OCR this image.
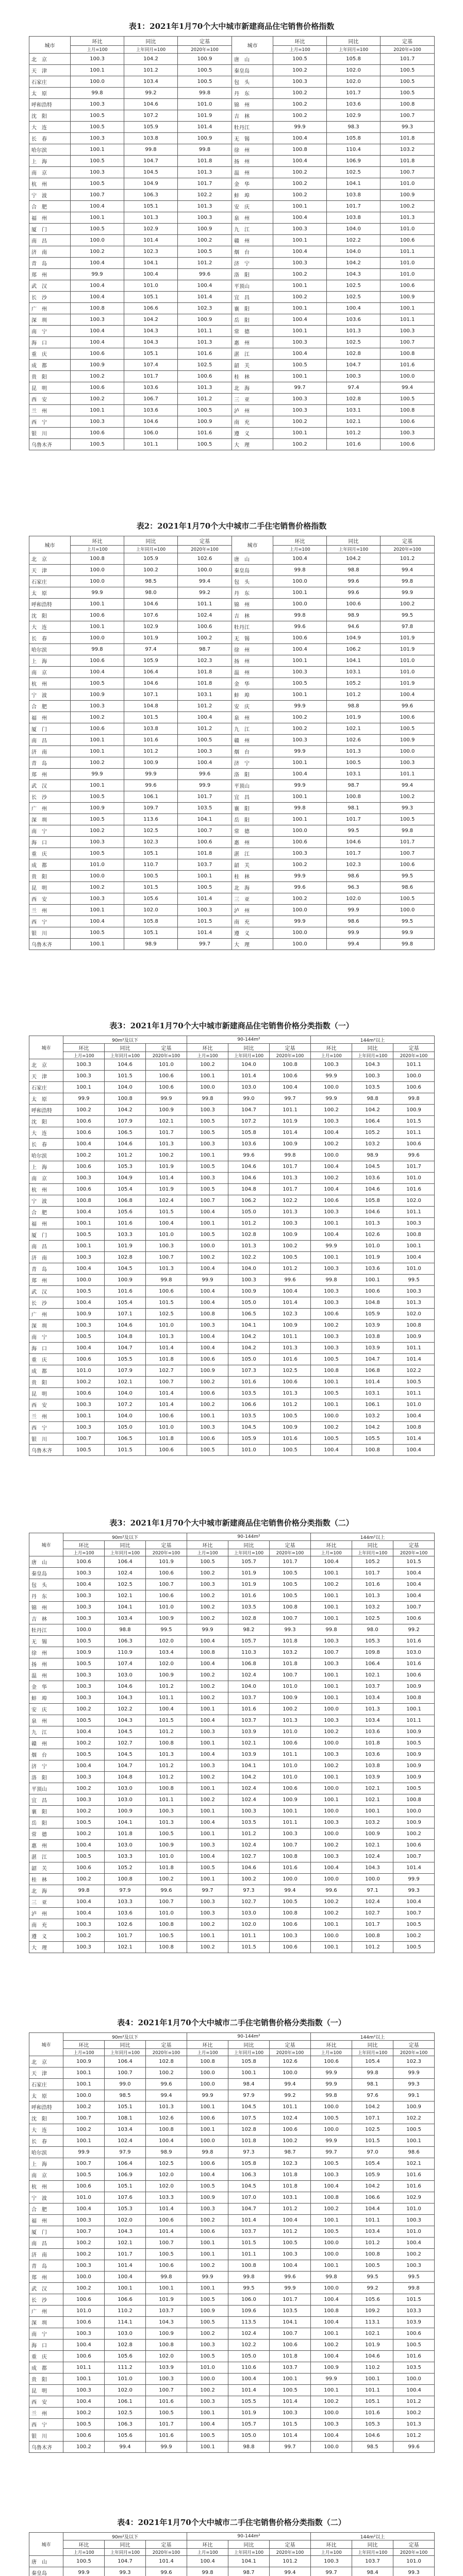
表1：2021年1月70个大中城市新建商品住宅销售价格指数
城市	环比	同比	定基	城市	环比	同比	定基
	上月=100	上年同月=100	2020年=100		上月=100	上年同月=100	2020年=100
北　京	100.3	104.2	100.9	唐　山	100.5	105.8	101.7
天　津	100.1	101.2	100.5	秦皇岛	100.2	102.0	100.5
石家庄	100.0	103.4	100.5	包　头	100.3	102.0	100.5
太　原	99.8	99.2	99.8	丹　东	100.2	101.7	100.5
呼和浩特	100.3	104.6	101.0	锦　州	100.2	103.6	100.8
沈　阳	100.5	107.2	101.9	吉　林	100.2	102.9	100.7
大　连	100.5	105.9	101.4	牡丹江	99.9	98.3	99.3
长　春	100.3	103.8	100.9	无　锡	100.4	105.8	101.8
哈尔滨	100.1	99.8	99.8	徐　州	100.8	110.4	103.2
上　海	100.5	104.7	101.8	扬　州	100.4	106.9	101.8
南　京	100.3	104.5	101.3	温　州	100.2	102.5	100.7
杭　州	100.5	104.9	101.7	金　华	100.2	104.1	101.0
宁　波	100.7	106.3	102.2	蚌　埠	100.2	103.8	100.9
合　肥	100.4	105.1	101.3	安　庆	100.1	101.7	100.2
福　州	100.1	101.3	100.3	泉　州	100.4	103.8	101.3
厦　门	100.5	102.9	100.9	九　江	100.3	104.0	101.0
南　昌	100.0	101.4	100.2	赣　州	100.1	102.2	100.6
济　南	100.2	102.3	100.5	烟　台	100.4	104.0	101.1
青　岛	100.4	104.1	101.2	济　宁	100.3	104.2	101.0
郑　州	99.9	100.4	99.6	洛　阳	100.2	104.3	101.0
武　汉	100.4	101.0	100.4	平顶山	100.1	102.5	100.6
长　沙	100.4	105.1	101.4	宜　昌	100.2	102.5	100.9
广　州	100.8	106.6	102.3	襄　阳	100.1	100.4	100.1
深　圳	100.3	104.2	100.9	岳　阳	100.4	103.6	101.1
南　宁	100.4	104.3	101.1	常　德	100.1	101.3	100.3
海　口	100.4	104.3	101.3	惠　州	100.3	102.5	100.7
重　庆	100.6	105.1	101.6	湛　江	100.4	102.8	100.8
成　都	100.9	107.4	102.5	韶　关	100.5	104.7	101.6
贵　阳	100.2	101.7	100.6	桂　林	100.1	100.3	100.0
昆　明	100.6	103.6	101.3	北　海	99.7	97.4	99.4
西　安	100.2	106.7	101.2	三　亚	100.3	102.8	100.5
兰　州	100.1	103.6	100.5	泸　州	100.3	103.1	100.8
西　宁	100.3	104.6	100.9	南　充	100.2	102.1	100.6
银　川	100.6	106.0	101.6	遵　义	100.1	101.2	100.3
乌鲁木齐	100.5	101.1	100.5	大　理	100.2	101.6	100.6
表2：2021年1月70个大中城市二手住宅销售价格指数
城市	环比	同比	定基	城市	环比	同比	定基
	上月=100	上年同月=100	2020年=100		上月=100	上年同月=100	2020年=100
北　京	100.8	105.9	102.6	唐　山	100.4	104.2	101.2
天　津	100.0	100.2	100.0	秦皇岛	99.8	98.8	99.4
石家庄	100.0	98.5	99.4	包　头	100.0	99.6	99.8
太　原	99.9	98.0	99.2	丹　东	100.1	99.6	99.9
呼和浩特	100.1	104.6	101.1	锦　州	100.0	100.6	100.2
沈　阳	100.6	107.6	102.4	吉　林	99.8	98.9	99.5
大　连	100.1	102.9	100.6	牡丹江	99.6	94.6	97.8
长　春	100.0	101.9	100.2	无　锡	100.6	104.9	101.9
哈尔滨	99.8	97.4	98.7	徐　州	100.4	106.2	101.9
上　海	100.6	105.9	102.3	扬　州	100.1	104.1	101.0
南　京	100.4	106.4	101.8	温　州	100.3	103.1	101.0
杭　州	100.5	104.6	101.8	金　华	100.5	105.2	101.9
宁　波	100.9	107.1	103.1	蚌　埠	100.1	101.2	100.4
合　肥	100.3	104.8	101.2	安　庆	99.9	98.8	99.6
福　州	100.2	101.5	100.4	泉　州	100.2	101.9	100.6
厦　门	100.6	103.8	101.2	九　江	100.2	102.1	100.5
南　昌	100.1	101.6	100.5	赣　州	100.3	102.6	100.9
济　南	100.1	101.2	100.3	烟　台	99.9	101.3	100.0
青　岛	100.2	100.9	100.4	济　宁	100.1	100.5	100.3
郑　州	99.9	99.9	99.6	洛　阳	100.4	103.1	101.1
武　汉	100.1	99.6	99.9	平顶山	99.9	98.7	99.4
长　沙	100.5	106.1	101.7	宜　昌	100.1	100.8	100.2
广　州	100.9	109.7	103.5	襄　阳	99.8	98.1	99.3
深　圳	100.5	113.6	104.1	岳　阳	100.1	101.7	100.5
南　宁	100.2	102.5	100.7	常　德	100.0	99.5	99.8
海　口	100.3	102.3	100.6	惠　州	100.6	104.6	101.7
重　庆	100.5	105.1	101.8	湛　江	100.3	101.7	100.7
成　都	101.0	110.7	103.7	韶　关	100.2	102.3	100.6
贵　阳	100.0	100.5	100.1	桂　林	99.9	98.6	99.5
昆　明	100.2	101.5	100.5	北　海	99.6	96.3	98.6
西　安	100.3	105.6	101.4	三　亚	100.2	102.0	100.5
兰　州	100.1	102.0	100.3	泸　州	100.0	99.9	100.0
西　宁	100.4	105.8	101.5	南　充	99.9	98.6	99.5
银　川	100.5	105.1	101.4	遵　义	100.0	99.9	99.9
乌鲁木齐	100.1	98.9	99.7	大　理	100.0	99.4	99.8
表3：2021年1月70个大中城市新建商品住宅销售价格分类指数（一）
城市	90m²及以下			90-144m²			144m²以上		
	环比	同比	定基	环比	同比	定基	环比	同比	定基
	上月=100	上年同月=100	2020年=100	上月=100	上年同月=100	2020年=100	上月=100	上年同月=100	2020年=100
北　京	100.3	104.6	101.0	100.2	104.0	100.8	100.3	104.3	101.1
天　津	100.3	101.5	100.6	100.1	101.4	100.6	99.9	100.3	100.0
石家庄	100.1	104.0	100.6	100.0	103.0	100.4	100.0	103.5	100.6
太　原	99.9	100.8	99.9	99.8	99.0	99.7	99.9	98.8	99.8
呼和浩特	100.2	104.2	100.9	100.3	104.7	101.1	100.2	104.2	100.9
沈　阳	100.6	107.9	102.1	100.5	107.2	101.9	100.3	106.4	101.5
大　连	100.6	106.5	101.7	100.5	105.8	101.4	100.4	105.2	101.1
长　春	100.4	104.6	101.3	100.3	103.6	100.9	100.2	103.2	100.6
哈尔滨	100.2	101.2	100.2	100.1	99.6	99.8	100.0	98.9	99.6
上　海	100.6	105.3	101.9	100.5	104.6	101.7	100.4	104.5	101.7
南　京	100.3	104.9	101.4	100.3	104.6	101.3	100.2	103.6	101.0
杭　州	100.6	105.4	101.9	100.5	104.8	101.7	100.4	104.6	101.6
宁　波	100.8	106.8	102.4	100.7	106.2	102.2	100.6	105.8	102.0
合　肥	100.4	105.6	101.5	100.4	105.0	101.3	100.3	104.6	101.1
福　州	100.1	101.6	100.4	100.1	101.2	100.3	100.1	101.3	100.3
厦　门	100.5	103.3	101.0	100.5	102.8	100.9	100.4	102.6	100.8
南　昌	100.1	101.9	100.3	100.0	101.3	100.2	99.9	101.0	100.1
济　南	100.3	102.8	100.7	100.2	102.2	100.5	100.1	101.9	100.4
青　岛	100.4	104.5	101.3	100.4	104.0	101.2	100.3	103.6	101.0
郑　州	100.0	100.9	99.8	99.9	100.3	99.6	99.8	100.1	99.5
武　汉	100.5	101.6	100.6	100.4	100.9	100.4	100.3	100.6	100.3
长　沙	100.4	105.4	101.5	100.4	105.0	101.4	100.3	104.8	101.3
广　州	100.9	107.1	102.5	100.8	106.5	102.3	100.6	105.9	102.0
深　圳	100.3	104.6	101.0	100.3	104.1	100.9	100.2	103.9	100.8
南　宁	100.5	104.8	101.3	100.4	104.2	101.1	100.3	103.8	100.9
海　口	100.4	104.7	101.4	100.4	104.2	101.3	100.3	103.9	101.1
重　庆	100.6	105.5	101.8	100.6	105.0	101.6	100.5	104.7	101.4
成　都	101.0	107.9	102.7	100.9	107.3	102.5	100.8	106.8	102.2
贵　阳	100.2	102.1	100.7	100.2	101.6	100.6	100.1	101.4	100.5
昆　明	100.6	104.0	101.4	100.6	103.5	101.3	100.5	103.1	101.1
西　安	100.3	107.2	101.4	100.2	106.6	101.2	100.1	106.1	101.0
兰　州	100.1	104.0	100.6	100.1	103.5	100.5	100.0	103.2	100.4
西　宁	100.3	105.0	101.0	100.3	104.5	100.9	100.2	104.2	100.8
银　川	100.7	106.5	101.8	100.6	105.9	101.6	100.5	105.5	101.4
乌鲁木齐	100.5	101.5	100.6	100.5	101.0	100.5	100.4	100.8	100.4
表3：2021年1月70个大中城市新建商品住宅销售价格分类指数（二）
城市	90m²及以下			90-144m²			144m²以上		
	环比	同比	定基	环比	同比	定基	环比	同比	定基
	上月=100	上年同月=100	2020年=100	上月=100	上年同月=100	2020年=100	上月=100	上年同月=100	2020年=100
唐　山	100.6	106.4	101.9	100.5	105.7	101.7	100.4	105.2	101.5
秦皇岛	100.3	102.4	100.6	100.2	101.9	100.5	100.1	101.7	100.4
包　头	100.4	102.5	100.7	100.3	101.9	100.5	100.2	101.6	100.4
丹　东	100.3	102.1	100.6	100.2	101.6	100.5	100.1	101.3	100.4
锦　州	100.3	104.1	101.0	100.2	103.5	100.8	100.1	103.2	100.7
吉　林	100.3	103.4	100.9	100.2	102.8	100.7	100.1	102.5	100.6
牡丹江	100.0	98.8	99.5	99.9	98.2	99.3	99.8	98.0	99.2
无　锡	100.5	106.3	102.0	100.4	105.7	101.8	100.3	105.3	101.6
徐　州	100.9	110.9	103.4	100.8	110.3	103.2	100.7	109.8	103.0
扬　州	100.5	107.4	102.0	100.4	106.8	101.8	100.3	106.4	101.6
温　州	100.3	103.0	100.9	100.2	102.4	100.7	100.1	102.1	100.6
金　华	100.3	104.6	101.2	100.2	104.0	101.0	100.1	103.7	100.9
蚌　埠	100.3	104.3	101.1	100.2	103.7	100.9	100.1	103.4	100.8
安　庆	100.2	102.2	100.4	100.1	101.6	100.2	100.0	101.3	100.1
泉　州	100.5	104.3	101.5	100.4	103.7	101.3	100.3	103.4	101.1
九　江	100.4	104.5	101.2	100.3	103.9	101.0	100.2	103.6	100.9
赣　州	100.2	102.7	100.8	100.1	102.1	100.6	100.0	101.8	100.5
烟　台	100.5	104.5	101.3	100.4	103.9	101.1	100.3	103.6	100.9
济　宁	100.4	104.7	101.2	100.3	104.1	101.0	100.2	103.8	100.9
洛　阳	100.3	104.8	101.2	100.2	104.2	101.0	100.1	103.9	100.9
平顶山	100.2	103.0	100.8	100.1	102.4	100.6	100.0	102.1	100.5
宜　昌	100.3	103.0	101.1	100.2	102.4	100.9	100.1	102.1	100.8
襄　阳	100.2	100.9	100.3	100.1	100.3	100.1	100.0	100.1	100.0
岳　阳	100.5	104.1	101.3	100.4	103.5	101.1	100.3	103.2	100.9
常　德	100.2	101.8	100.5	100.1	101.2	100.3	100.0	100.9	100.2
惠　州	100.4	103.0	100.9	100.3	102.4	100.7	100.2	102.1	100.6
湛　江	100.5	103.3	101.0	100.4	102.7	100.8	100.3	102.4	100.7
韶　关	100.6	105.2	101.8	100.5	104.6	101.6	100.4	104.3	101.4
桂　林	100.2	100.8	100.2	100.1	100.2	100.0	100.0	100.0	99.9
北　海	99.8	97.9	99.6	99.7	97.3	99.4	99.6	97.1	99.3
三　亚	100.4	103.3	100.7	100.3	102.7	100.5	100.2	102.4	100.4
泸　州	100.4	103.6	101.0	100.3	103.0	100.8	100.2	102.7	100.7
南　充	100.3	102.6	100.8	100.2	102.0	100.6	100.1	101.7	100.5
遵　义	100.2	101.7	100.5	100.1	101.1	100.3	100.0	100.8	100.2
大　理	100.3	102.1	100.8	100.2	101.5	100.6	100.1	101.2	100.5
表4：2021年1月70个大中城市二手住宅销售价格分类指数（一）
城市	90m²及以下			90-144m²			144m²以上		
	环比	同比	定基	环比	同比	定基	环比	同比	定基
	上月=100	上年同月=100	2020年=100	上月=100	上年同月=100	2020年=100	上月=100	上年同月=100	2020年=100
北　京	100.9	106.4	102.8	100.8	105.8	102.6	100.6	105.4	102.3
天　津	100.1	100.7	100.2	100.0	100.1	100.0	99.9	99.8	99.9
石家庄	100.1	99.0	99.6	100.0	98.4	99.4	99.9	98.1	99.3
太　原	100.0	98.5	99.4	99.9	97.9	99.2	99.8	97.6	99.1
呼和浩特	100.2	105.1	101.3	100.1	104.5	101.1	100.0	104.2	100.9
沈　阳	100.7	108.1	102.6	100.6	107.5	102.4	100.5	107.1	102.2
大　连	100.2	103.4	100.8	100.1	102.8	100.6	100.0	102.5	100.5
长　春	100.1	102.4	100.4	100.0	101.8	100.2	99.9	101.5	100.1
哈尔滨	99.9	97.9	98.9	99.8	97.3	98.7	99.7	97.0	98.6
上　海	100.7	106.4	102.5	100.6	105.8	102.3	100.5	105.4	102.1
南　京	100.5	106.9	102.0	100.4	106.3	101.8	100.3	105.9	101.6
杭　州	100.6	105.1	102.0	100.5	104.5	101.8	100.4	104.2	101.6
宁　波	101.0	107.6	103.3	100.9	107.0	103.1	100.8	106.6	102.9
合　肥	100.4	105.3	101.4	100.3	104.7	101.2	100.2	104.4	101.0
福　州	100.3	102.0	100.6	100.2	101.4	100.4	100.1	101.1	100.3
厦　门	100.7	104.3	101.4	100.6	103.7	101.2	100.5	103.4	101.0
南　昌	100.2	102.1	100.7	100.1	101.5	100.5	100.0	101.2	100.4
济　南	100.2	101.7	100.5	100.1	101.1	100.3	100.0	100.8	100.2
青　岛	100.3	101.4	100.6	100.2	100.8	100.4	100.1	100.5	100.3
郑　州	100.0	100.4	99.8	99.9	99.8	99.6	99.8	99.5	99.5
武　汉	100.2	100.1	100.1	100.1	99.5	99.9	100.0	99.2	99.8
长　沙	100.6	106.6	101.9	100.5	106.0	101.7	100.4	105.6	101.5
广　州	101.0	110.2	103.7	100.9	109.6	103.5	100.8	109.2	103.3
深　圳	100.6	114.1	104.3	100.5	113.5	104.1	100.4	113.1	103.9
南　宁	100.3	103.0	100.9	100.2	102.4	100.7	100.1	102.1	100.6
海　口	100.4	102.8	100.8	100.3	102.2	100.6	100.2	101.9	100.5
重　庆	100.6	105.6	102.0	100.5	105.0	101.8	100.4	104.6	101.6
成　都	101.1	111.2	103.9	101.0	110.6	103.7	100.9	110.2	103.5
贵　阳	100.1	101.0	100.3	100.0	100.4	100.1	99.9	100.1	100.0
昆　明	100.3	102.0	100.7	100.2	101.4	100.5	100.1	101.1	100.4
西　安	100.4	106.1	101.6	100.3	105.5	101.4	100.2	105.1	101.2
兰　州	100.2	102.5	100.5	100.1	101.9	100.3	100.0	101.6	100.2
西　宁	100.5	106.3	101.7	100.4	105.7	101.5	100.3	105.3	101.3
银　川	100.6	105.6	101.6	100.5	105.0	101.4	100.4	104.6	101.2
乌鲁木齐	100.2	99.4	99.9	100.1	98.8	99.7	100.0	98.5	99.6
表4：2021年1月70个大中城市二手住宅销售价格分类指数（二）
城市	90m²及以下			90-144m²			144m²以上		
	环比	同比	定基	环比	同比	定基	环比	同比	定基
	上月=100	上年同月=100	2020年=100	上月=100	上年同月=100	2020年=100	上月=100	上年同月=100	2020年=100
唐　山	100.5	104.7	101.4	100.4	104.1	101.2	100.3	103.7	101.0
秦皇岛	99.9	99.3	99.6	99.8	98.7	99.4	99.7	98.4	99.3
